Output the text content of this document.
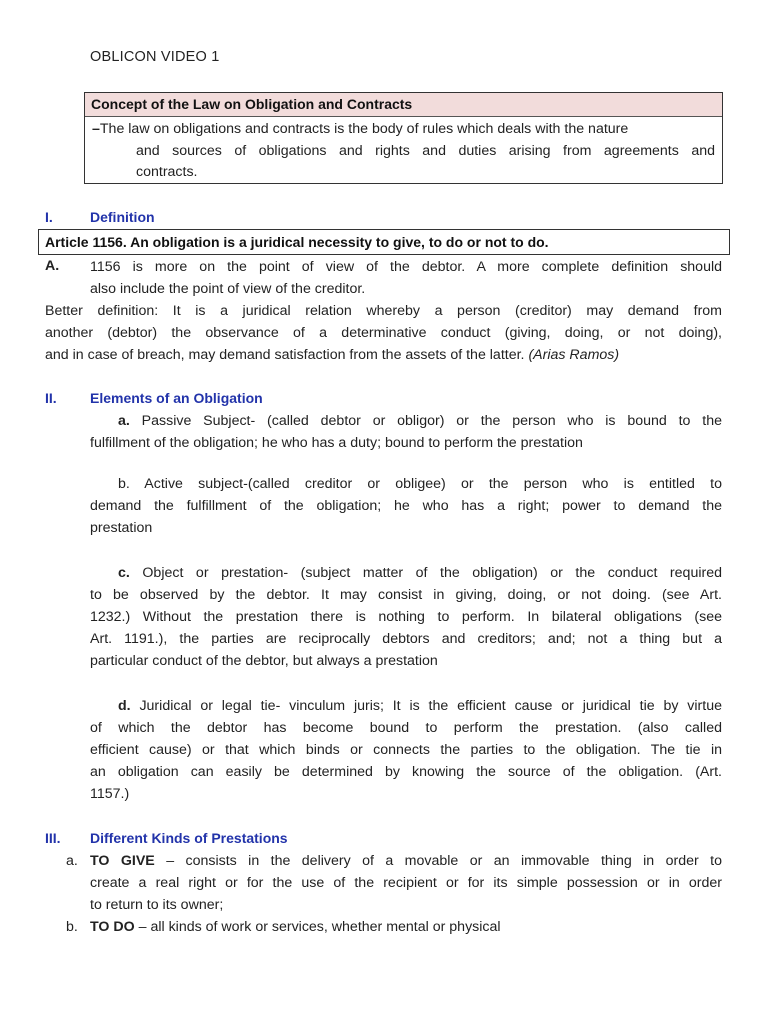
OBLICON VIDEO 1
Concept of the Law on Obligation and Contracts
–The law on obligations and contracts is the body of rules which deals with the nature
and sources of obligations and rights and duties arising from agreements and
contracts.
I.	Definition
Article 1156. An obligation is a juridical necessity to give, to do or not to do.
A. 1156 is more on the point of view of the debtor. A more complete definition should
also include the point of view of the creditor.
Better definition: It is a juridical relation whereby a person (creditor) may demand from
another (debtor) the observance of a determinative conduct (giving, doing, or not doing),
and in case of breach, may demand satisfaction from the assets of the latter. (Arias Ramos)
II. Elements of an Obligation
a. Passive Subject- (called debtor or obligor) or the person who is bound to the
fulfillment of the obligation; he who has a duty; bound to perform the prestation
b. Active subject-(called creditor or obligee) or the person who is entitled to
demand the fulfillment of the obligation; he who has a right; power to demand the
prestation
c. Object or prestation- (subject matter of the obligation) or the conduct required
to be observed by the debtor. It may consist in giving, doing, or not doing. (see Art.
1232.) Without the prestation there is nothing to perform. In bilateral obligations (see
Art. 1191.), the parties are reciprocally debtors and creditors; and; not a thing but a
particular conduct of the debtor, but always a prestation
d. Juridical or legal tie- vinculum juris; It is the efficient cause or juridical tie by virtue
of which the debtor has become bound to perform the prestation. (also called
efficient cause) or that which binds or connects the parties to the obligation. The tie in
an obligation can easily be determined by knowing the source of the obligation. (Art.
1157.)
III. Different Kinds of Prestations
a. TO GIVE – consists in the delivery of a movable or an immovable thing in order to
create a real right or for the use of the recipient or for its simple possession or in order
to return to its owner;
b. TO DO – all kinds of work or services, whether mental or physical
